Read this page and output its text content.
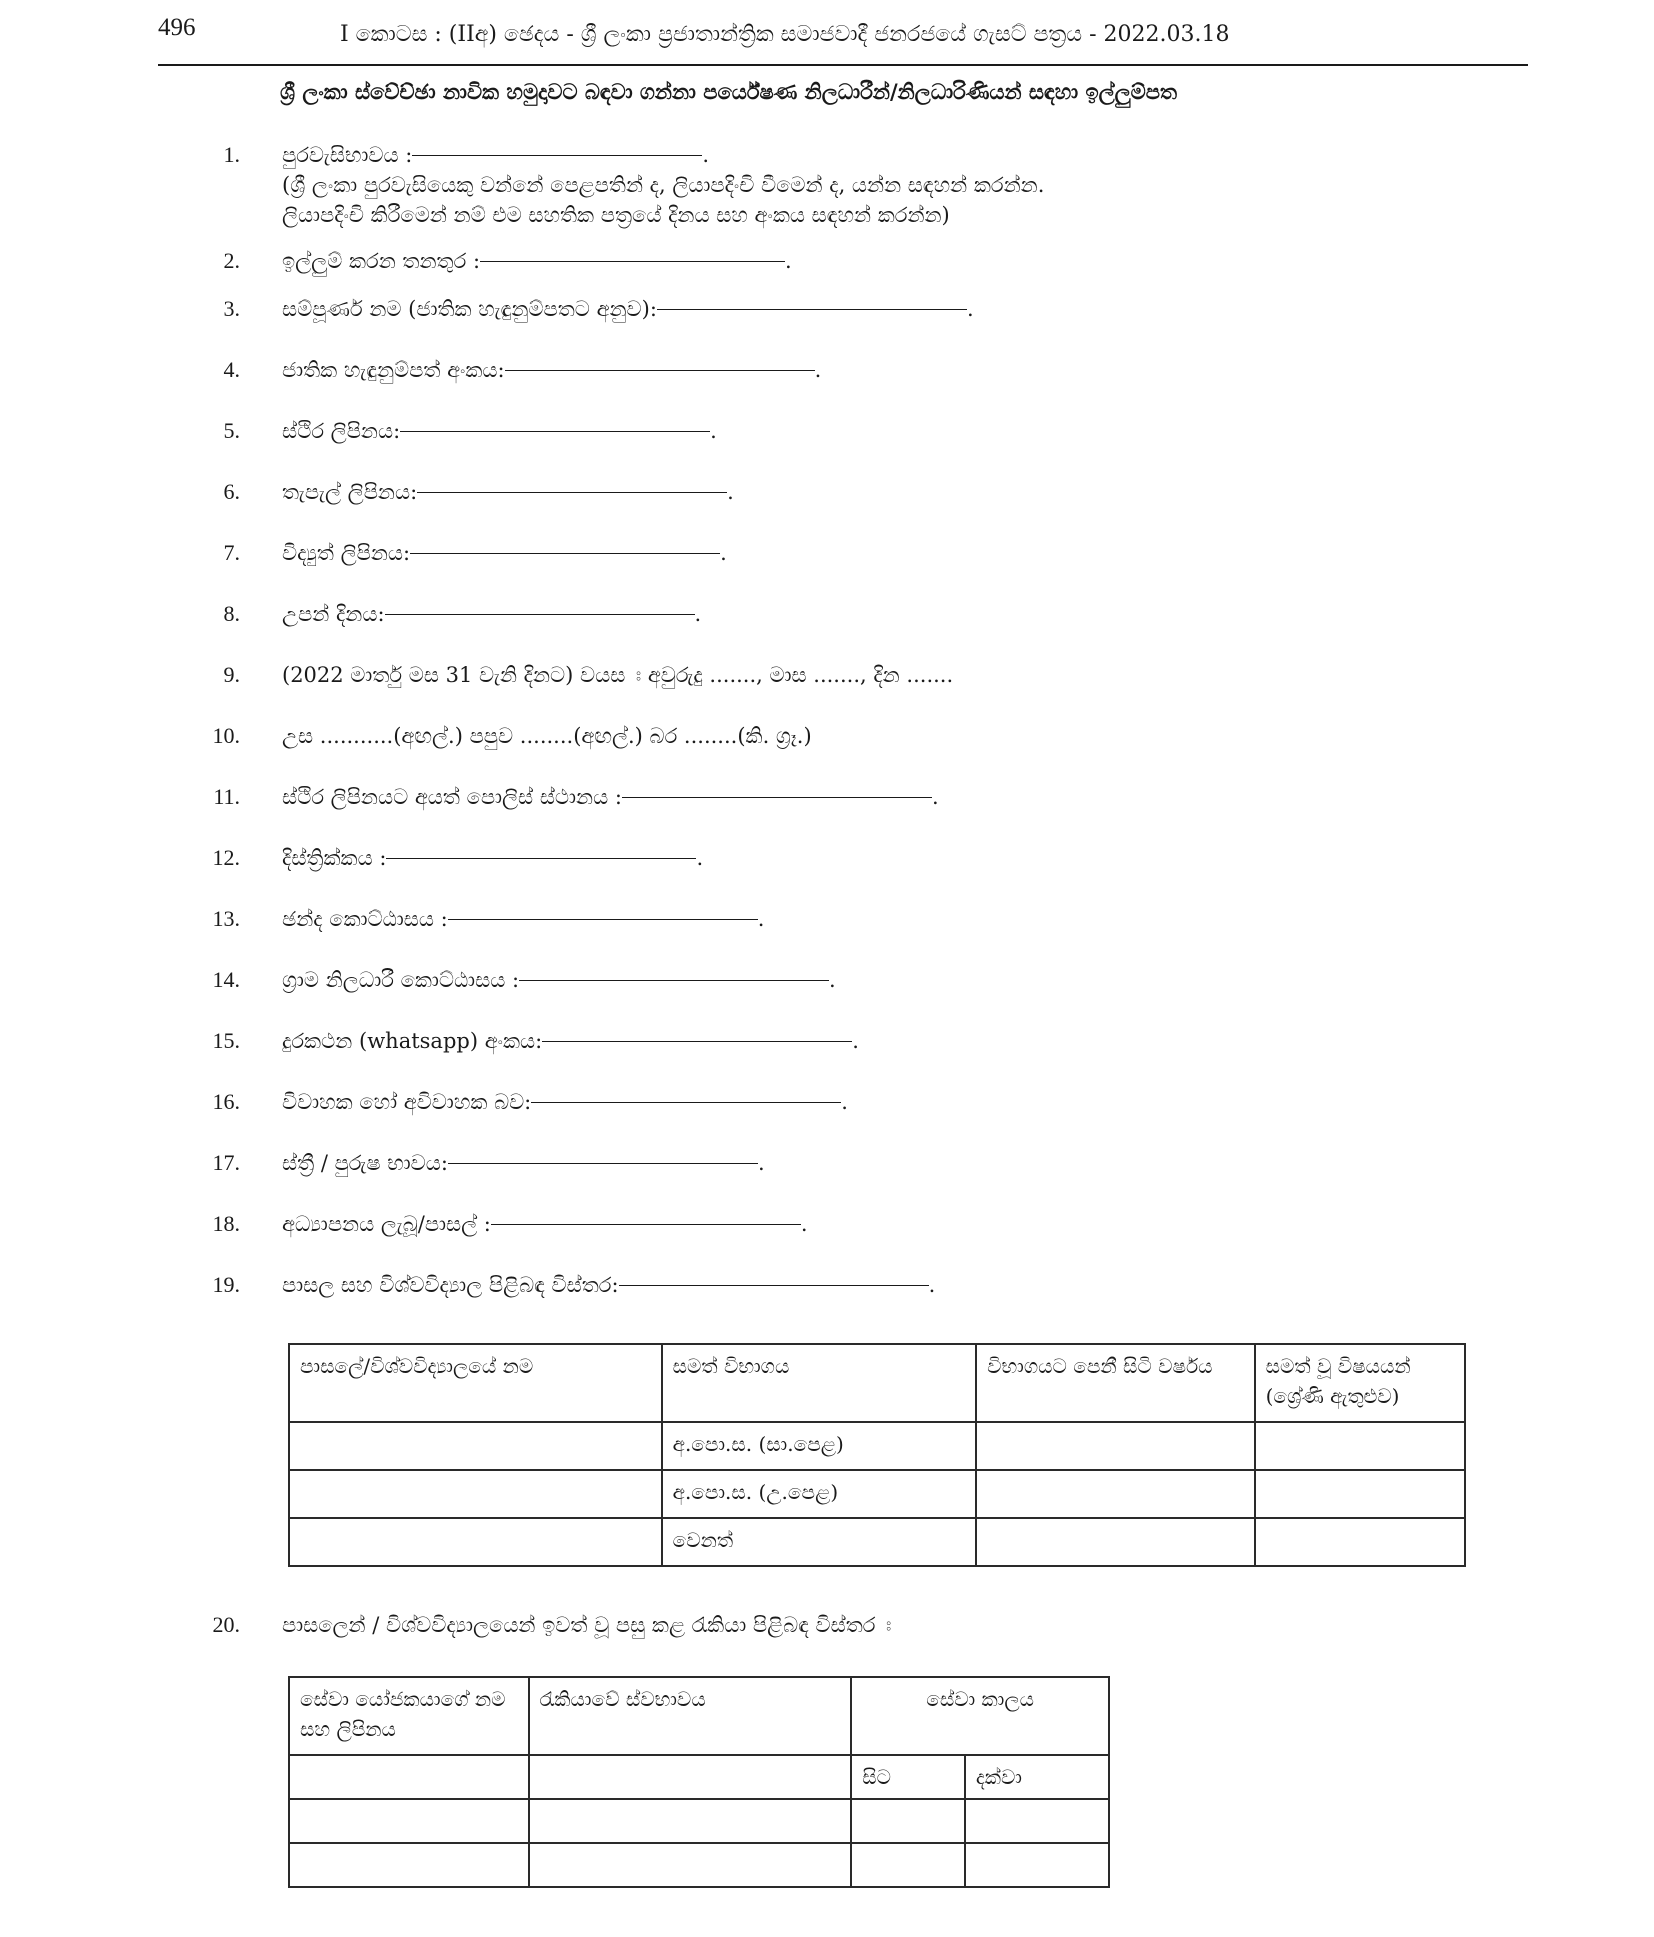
496	I කොටස : (IIඅ) ඡෙදය - ශ්‍රී ලංකා ප්‍රජාතාන්ත්‍රික සමාජවාදී ජනරජයේ ගැසට් පත්‍රය - 2022.03.18
ශ්‍රී ලංකා ස්වේච්ඡා නාවික හමුදාවට බඳවා ගන්නා පර්යේෂණ නිලධාරීන්/නිලධාරිණියන් සඳහා ඉල්ලුම්පත
1. පුරවැසිභාවය :	.
(ශ්‍රී ලංකා පුරවැසියෙකු වන්නේ පෙළපතින් ද, ලියාපදිංචි වීමෙන් ද, යන්න සඳහන් කරන්න.
ලියාපදිංචි කිරීමෙන් නම් එම සහතික පත්‍රයේ දිනය සහ අංකය සඳහන් කරන්න)
2. ඉල්ලුම් කරන තනතුර :	.
3. සම්පූර්ණ නම (ජාතික හැඳුනුම්පතට අනුව):	.
4. ජාතික හැඳුනුම්පත් අංකය:	.
5. ස්ථිර ලිපිනය:	.
6. තැපැල් ලිපිනය:	.
7. විද්‍යුත් ලිපිනය:	.
8. උපන් දිනය:	.
9. (2022 මාර්තු මස 31 වැනි දිනට) වයස ඃ අවුරුදු ......., මාස ......., දින .......
10. උස ...........(අඟල්.) පපුව ........(අඟල්.) බර ........(කි. ග්‍රෑ.)
11. ස්ථිර ලිපිනයට අයත් පොලිස් ස්ථානය :	.
12. දිස්ත්‍රික්කය :	.
13. ඡන්ද කොට්ඨාසය :	.
14. ග්‍රාම නිලධාරී කොට්ඨාසය :	.
15. දුරකථන (whatsapp) අංකය:	.
16. විවාහක හෝ අවිවාහක බව:	.
17. ස්ත්‍රී / පුරුෂ භාවය:	.
18. අධ්‍යාපනය ලැබූ/පාසල් :	.
19. පාසල සහ විශ්වවිද්‍යාල පිළිබඳ විස්තර:	.
පාසලේ/විශ්වවිද්‍යාලයේ නම	සමත් විභාගය	විභාගයට පෙනී සිටි වර්ෂය	සමත් වූ විෂයයන් (ශ්‍රේණි ඇතුළුව)
	අ.පො.ස. (සා.පෙළ)		
	අ.පො.ස. (උ.පෙළ)		
	වෙනත්		
20. පාසලෙන් / විශ්වවිද්‍යාලයෙන් ඉවත් වූ පසු කළ රැකියා පිළිබඳ විස්තර ඃ
සේවා යෝජකයාගේ නම සහ ලිපිනය	රැකියාවේ ස්වභාවය	සේවා කාලය	
		සිට	දක්වා
